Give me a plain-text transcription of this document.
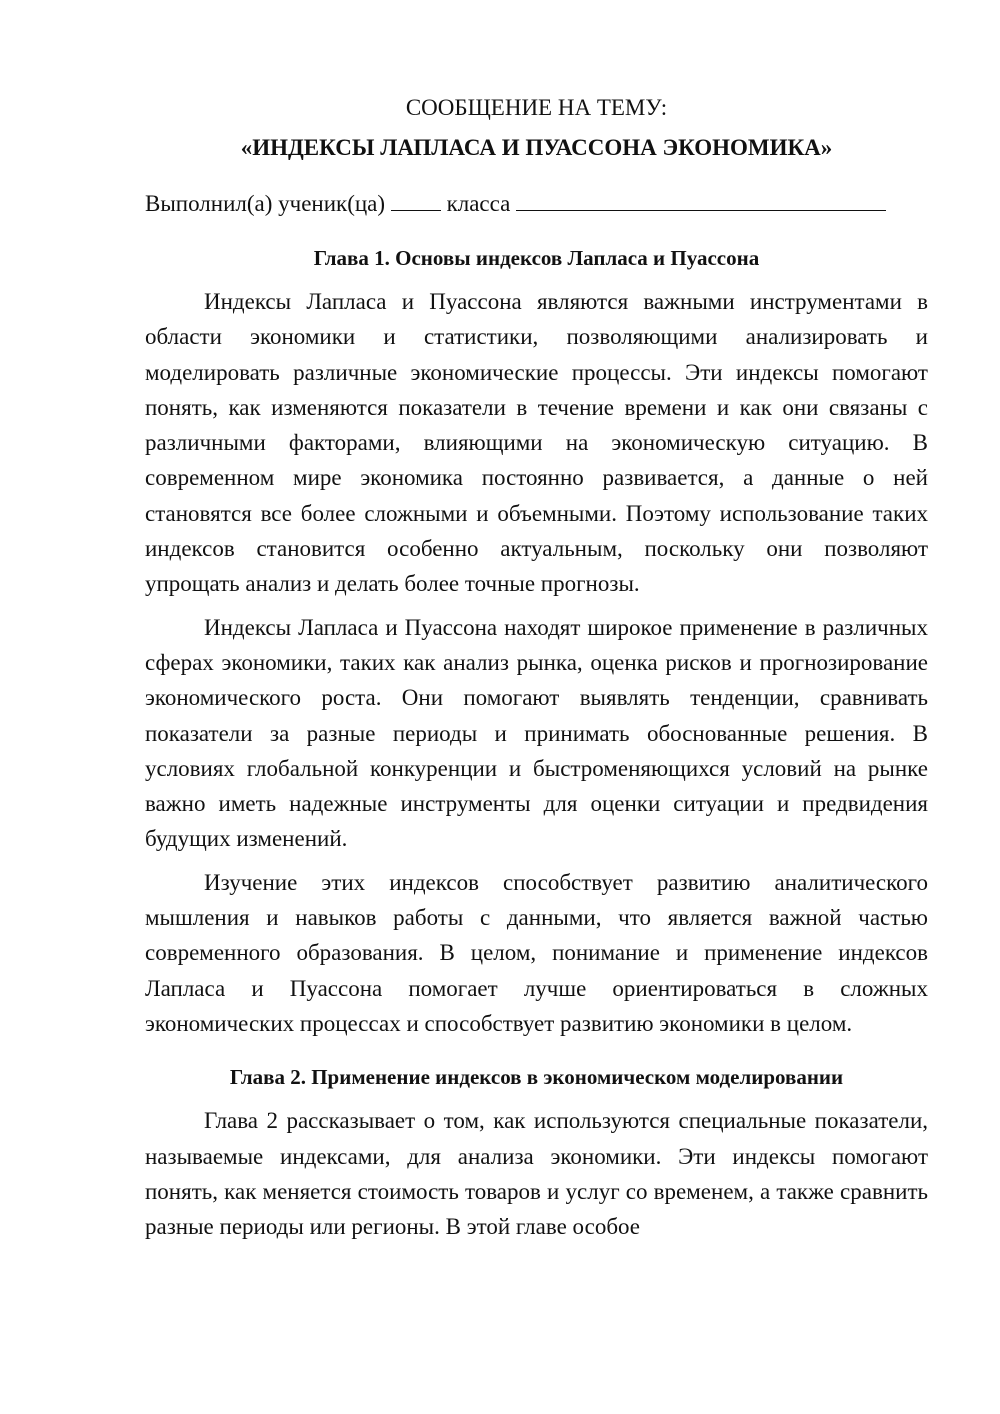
СООБЩЕНИЕ НА ТЕМУ:

«ИНДЕКСЫ ЛАПЛАСА И ПУАССОНА ЭКОНОМИКА»

Выполнил(а) ученик(ца)	класса

Глава 1. Основы индексов Лапласа и Пуассона

Индексы Лапласа и Пуассона являются важными инструментами в области экономики и статистики, позволяющими анализировать и моделировать различные экономические процессы. Эти индексы помогают понять, как изменяются показатели в течение времени и как они связаны с различными факторами, влияющими на экономическую ситуацию. В современном мире экономика постоянно развивается, а данные о ней становятся все более сложными и объемными. Поэтому использование таких индексов становится особенно актуальным, поскольку они позволяют упрощать анализ и делать более точные прогнозы.

Индексы Лапласа и Пуассона находят широкое применение в различных сферах экономики, таких как анализ рынка, оценка рисков и прогнозирование экономического роста. Они помогают выявлять тенденции, сравнивать показатели за разные периоды и принимать обоснованные решения. В условиях глобальной конкуренции и быстроменяющихся условий на рынке важно иметь надежные инструменты для оценки ситуации и предвидения будущих изменений.

Изучение этих индексов способствует развитию аналитического мышления и навыков работы с данными, что является важной частью современного образования. В целом, понимание и применение индексов Лапласа и Пуассона помогает лучше ориентироваться в сложных экономических процессах и способствует развитию экономики в целом.

Глава 2. Применение индексов в экономическом моделировании

Глава 2 рассказывает о том, как используются специальные показатели, называемые индексами, для анализа экономики. Эти индексы помогают понять, как меняется стоимость товаров и услуг со временем, а также сравнить разные периоды или регионы. В этой главе особое
